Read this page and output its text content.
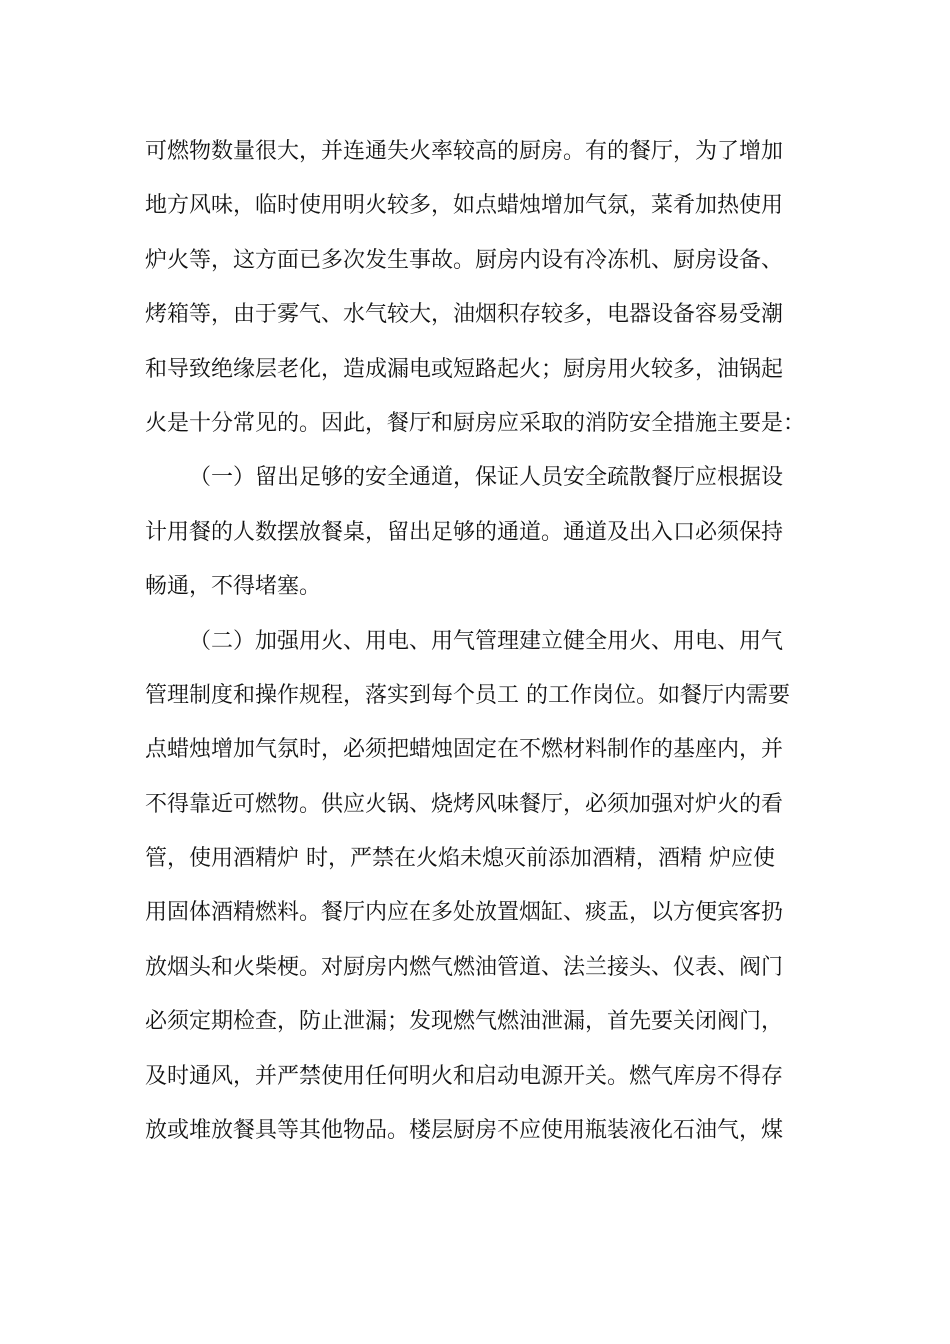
可燃物数量很大，并连通失火率较高的厨房。有的餐厅，为了增加
地方风味，临时使用明火较多，如点蜡烛增加气氛，菜肴加热使用
炉火等，这方面已多次发生事故。厨房内设有冷冻机、厨房设备、
烤箱等，由于雾气、水气较大，油烟积存较多，电器设备容易受潮
和导致绝缘层老化，造成漏电或短路起火；厨房用火较多，油锅起
火是十分常见的。因此，餐厅和厨房应采取的消防安全措施主要是：
（一）留出足够的安全通道，保证人员安全疏散餐厅应根据设
计用餐的人数摆放餐桌，留出足够的通道。通道及出入口必须保持
畅通，不得堵塞。
（二）加强用火、用电、用气管理建立健全用火、用电、用气
管理制度和操作规程，落实到每个员工 的工作岗位。如餐厅内需要
点蜡烛增加气氛时，必须把蜡烛固定在不燃材料制作的基座内，并
不得靠近可燃物。供应火锅、烧烤风味餐厅，必须加强对炉火的看
管，使用酒精炉 时，严禁在火焰未熄灭前添加酒精，酒精 炉应使
用固体酒精燃料。餐厅内应在多处放置烟缸、痰盂，以方便宾客扔
放烟头和火柴梗。对厨房内燃气燃油管道、法兰接头、仪表、阀门
必须定期检查，防止泄漏；发现燃气燃油泄漏，首先要关闭阀门，
及时通风，并严禁使用任何明火和启动电源开关。燃气库房不得存
放或堆放餐具等其他物品。楼层厨房不应使用瓶装液化石油气，煤
